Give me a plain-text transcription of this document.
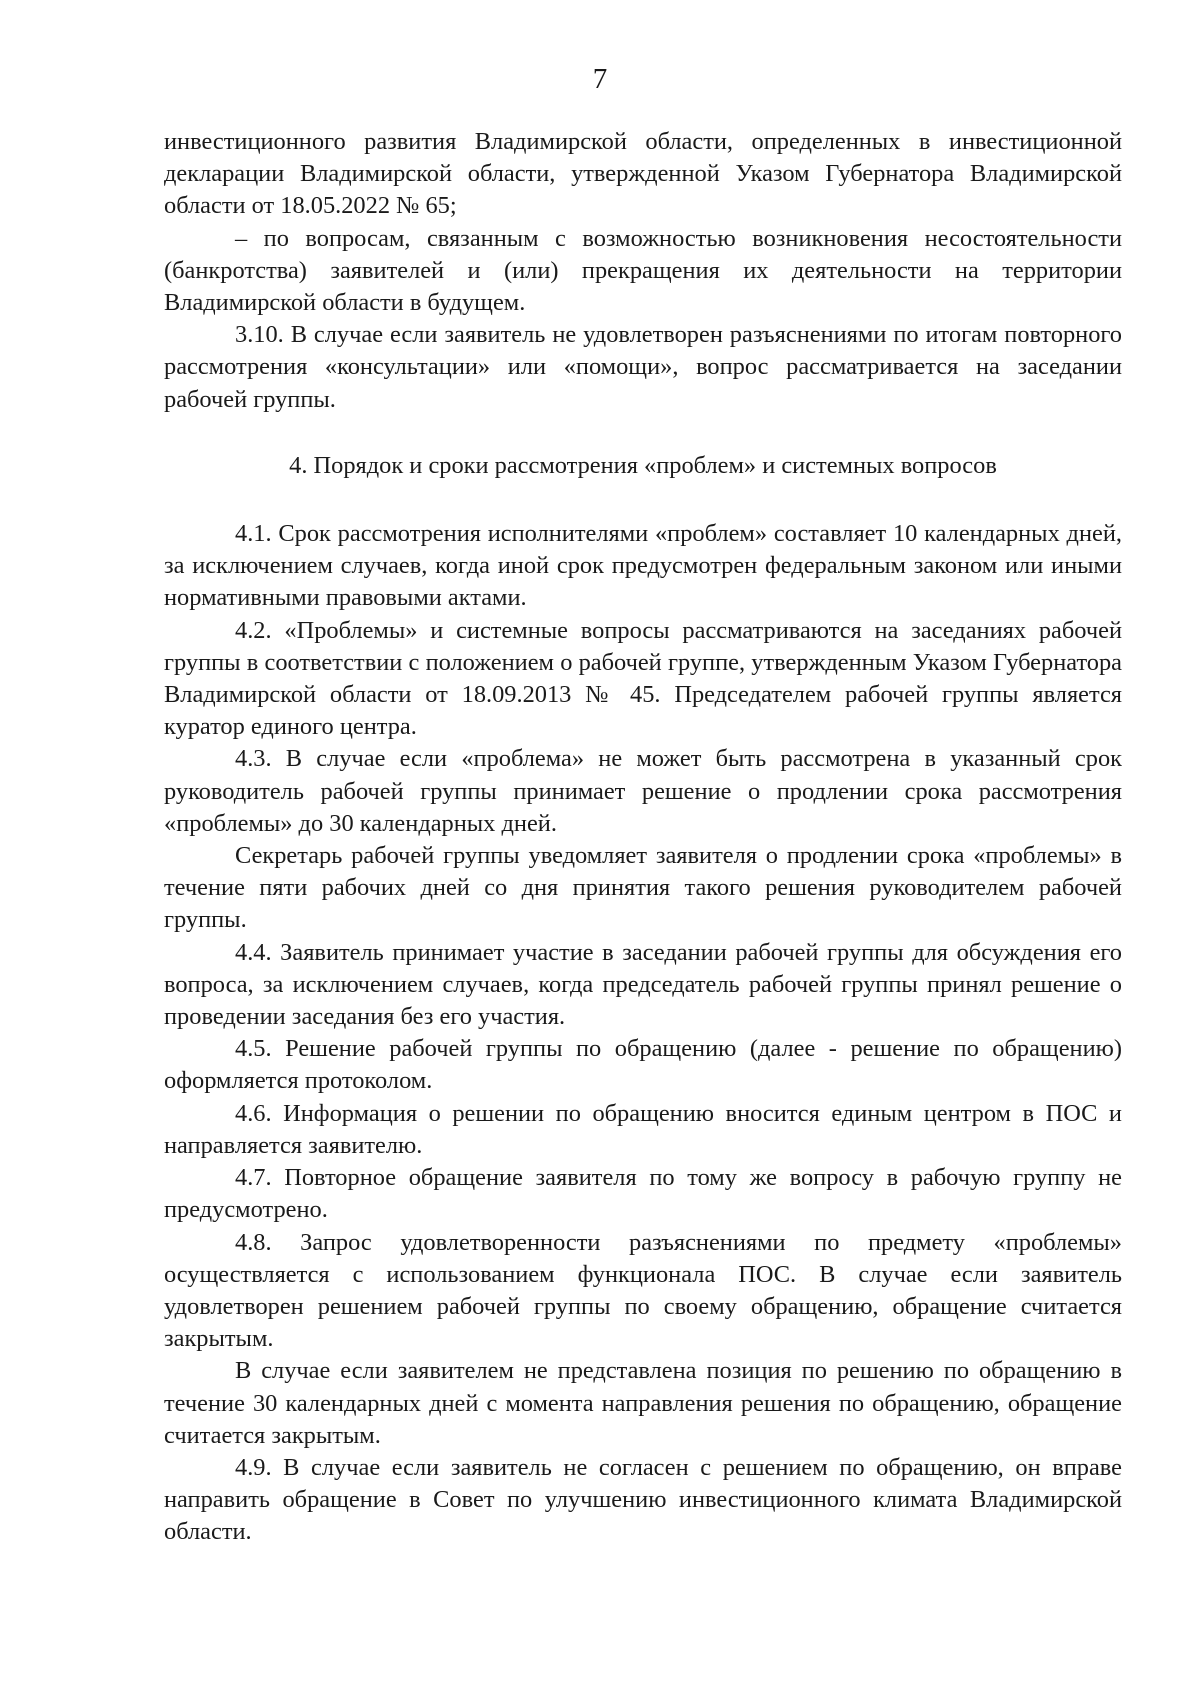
7

инвестиционного развития Владимирской области, определенных в инвестиционной декларации Владимирской области, утвержденной Указом Губернатора Владимирской области от 18.05.2022 № 65;

– по вопросам, связанным с возможностью возникновения несостоятельности (банкротства) заявителей и (или) прекращения их деятельности на территории Владимирской области в будущем.

3.10. В случае если заявитель не удовлетворен разъяснениями по итогам повторного рассмотрения «консультации» или «помощи», вопрос рассматривается на заседании рабочей группы.

4. Порядок и сроки рассмотрения «проблем» и системных вопросов

4.1. Срок рассмотрения исполнителями «проблем» составляет 10 календарных дней, за исключением случаев, когда иной срок предусмотрен федеральным законом или иными нормативными правовыми актами.

4.2. «Проблемы» и системные вопросы рассматриваются на заседаниях рабочей группы в соответствии с положением о рабочей группе, утвержденным Указом Губернатора Владимирской области от 18.09.2013 № 45. Председателем рабочей группы является куратор единого центра.

4.3. В случае если «проблема» не может быть рассмотрена в указанный срок руководитель рабочей группы принимает решение о продлении срока рассмотрения «проблемы» до 30 календарных дней.

Секретарь рабочей группы уведомляет заявителя о продлении срока «проблемы» в течение пяти рабочих дней со дня принятия такого решения руководителем рабочей группы.

4.4. Заявитель принимает участие в заседании рабочей группы для обсуждения его вопроса, за исключением случаев, когда председатель рабочей группы принял решение о проведении заседания без его участия.

4.5. Решение рабочей группы по обращению (далее - решение по обращению) оформляется протоколом.

4.6. Информация о решении по обращению вносится единым центром в ПОС и направляется заявителю.

4.7. Повторное обращение заявителя по тому же вопросу в рабочую группу не предусмотрено.

4.8. Запрос удовлетворенности разъяснениями по предмету «проблемы» осуществляется с использованием функционала ПОС. В случае если заявитель удовлетворен решением рабочей группы по своему обращению, обращение считается закрытым.

В случае если заявителем не представлена позиция по решению по обращению в течение 30 календарных дней с момента направления решения по обращению, обращение считается закрытым.

4.9. В случае если заявитель не согласен с решением по обращению, он вправе направить обращение в Совет по улучшению инвестиционного климата Владимирской области.
